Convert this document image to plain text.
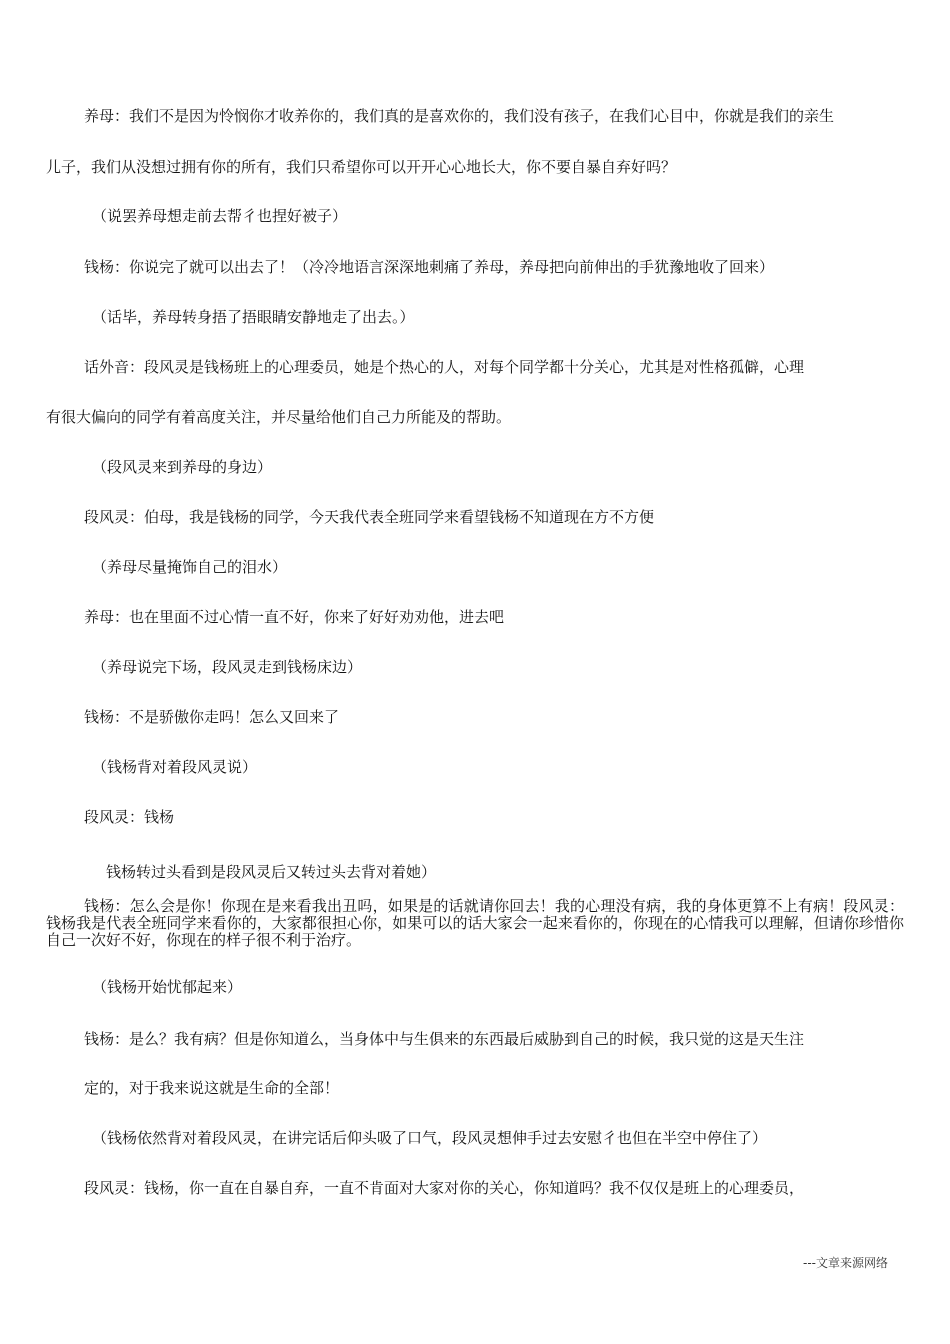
养母：我们不是因为怜悯你才收养你的，我们真的是喜欢你的，我们没有孩子，在我们心目中，你就是我们的亲生

儿子，我们从没想过拥有你的所有，我们只希望你可以开开心心地长大，你不要自暴自弃好吗？

（说罢养母想走前去帮彳也捏好被子）

钱杨：你说完了就可以出去了！（冷冷地语言深深地刺痛了养母，养母把向前伸出的手犹豫地收了回来）

（话毕，养母转身捂了捂眼睛安静地走了出去。）

话外音：段风灵是钱杨班上的心理委员，她是个热心的人，对每个同学都十分关心，尤其是对性格孤僻，心理

有很大偏向的同学有着高度关注，并尽量给他们自己力所能及的帮助。

（段风灵来到养母的身边）

段风灵：伯母，我是钱杨的同学，今天我代表全班同学来看望钱杨不知道现在方不方便

（养母尽量掩饰自己的泪水）

养母：也在里面不过心情一直不好，你来了好好劝劝他，进去吧

（养母说完下场，段风灵走到钱杨床边）

钱杨：不是骄傲你走吗！怎么又回来了

（钱杨背对着段风灵说）

段风灵：钱杨

钱杨转过头看到是段风灵后又转过头去背对着她）

钱杨：怎么会是你！你现在是来看我出丑吗，如果是的话就请你回去！我的心理没有病，我的身体更算不上有病！段风灵：钱杨我是代表全班同学来看你的，大家都很担心你，如果可以的话大家会一起来看你的，你现在的心情我可以理解，但请你珍惜你自己一次好不好，你现在的样子很不利于治疗。

（钱杨开始忧郁起来）

钱杨：是么？我有病？但是你知道么，当身体中与生俱来的东西最后威胁到自己的时候，我只觉的这是天生注

定的，对于我来说这就是生命的全部！

（钱杨依然背对着段风灵，在讲完话后仰头吸了口气，段风灵想伸手过去安慰彳也但在半空中停住了）

段风灵：钱杨，你一直在自暴自弃，一直不肯面对大家对你的关心，你知道吗？我不仅仅是班上的心理委员，

---文章来源网络
